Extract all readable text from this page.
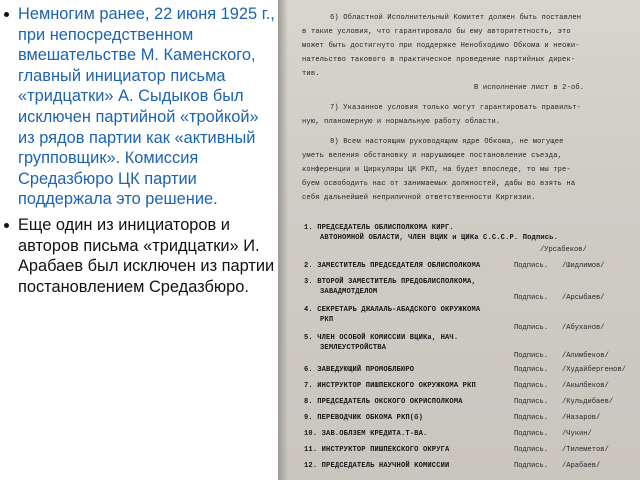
Немногим ранее, 22 июня 1925 г., при непосредственном вмешательстве М. Каменского, главный инициатор письма «тридцатки» А. Сыдыков был исключен партийной «тройкой» из рядов партии как «активный групповщик». Комиссия Средазбюро ЦК партии поддержала это решение.
Еще один из инициаторов и авторов письма «тридцатки» И. Арабаев был исключен из партии постановлением Средазбюро.
6) Областной Исполнительный Комитет должен быть поставлен
в такие условия, что гарантировало бы ему авторитетность, это
может быть достигнуто при поддержке Ненобходимо Обкома и неожи-
нательство такового в практическое проведение партийных дирек-
тив.
В исполнение лист в 2-об.
7) Указанное условия только могут гарантировать правильт-
ную, планомерную и нормальную работу области.
8) Всем настоящим руководящим ядре Обкома, не могущее
уметь веления обстановку и нарушающее постановление съезда,
конференции и Циркуляры ЦК РКП, на будет впоследе, то мы тре-
буем освободить нас от занимаемых должностей, дабы во взять на
себя дальнейшей неприличной ответственности Киргизии.
1. ПРЕДСЕДАТЕЛЬ ОБЛИСПОЛКОМА КИРГ.
АВТОНОМНОЙ ОБЛАСТИ, ЧЛЕН ВЦИК и ЦИКа С.С.С.Р. Подпись.
/Урсабеков/
2. ЗАМЕСТИТЕЛЬ ПРЕДСЕДАТЕЛЯ ОБЛИСПОЛКОМА	Подпись. /Шидлимов/
3. ВТОРОЙ ЗАМЕСТИТЕЛЬ ПРЕДОБЛИСПОЛКОМА,
ЗАВАДМОТДЕЛОМ
Подпись. /Арсыбаев/
4. СЕКРЕТАРЬ ДЖАЛАЛЬ-АБАДСКОГО ОКРУЖКОМА
РКП
Подпись. /Абуханов/
5. ЧЛЕН ОСОБОЙ КОМИССИИ ВЦИКа, НАЧ.
ЗЕМЛЕУСТРОЙСТВА
Подпись. /Алимбеков/
6. ЗАВЕДУЮЩИЙ ПРОМОБЛБЮРО	Подпись. /Худайбергенов/
7. ИНСТРУКТОР ПИШПЕКСКОГО ОКРУЖКОМА РКП	Подпись. /Акылбеков/
8. ПРЕДСЕДАТЕЛЬ ОКСКОГО ОКРИСПОЛКОМА	Подпись. /Кульдибаев/
9. ПЕРЕВОДЧИК ОБКОМА РКП(б)	Подпись. /Назаров/
10. ЗАВ.ОБЛЗЕМ КРЕДИТА.Т-ВА.	Подпись. /Чукин/
11. ИНСТРУКТОР ПИШПЕКСКОГО ОКРУГА	Подпись. /Тилеметов/
12. ПРЕДСЕДАТЕЛЬ НАУЧНОЙ КОМИССИИ	Подпись. /Арабаев/
